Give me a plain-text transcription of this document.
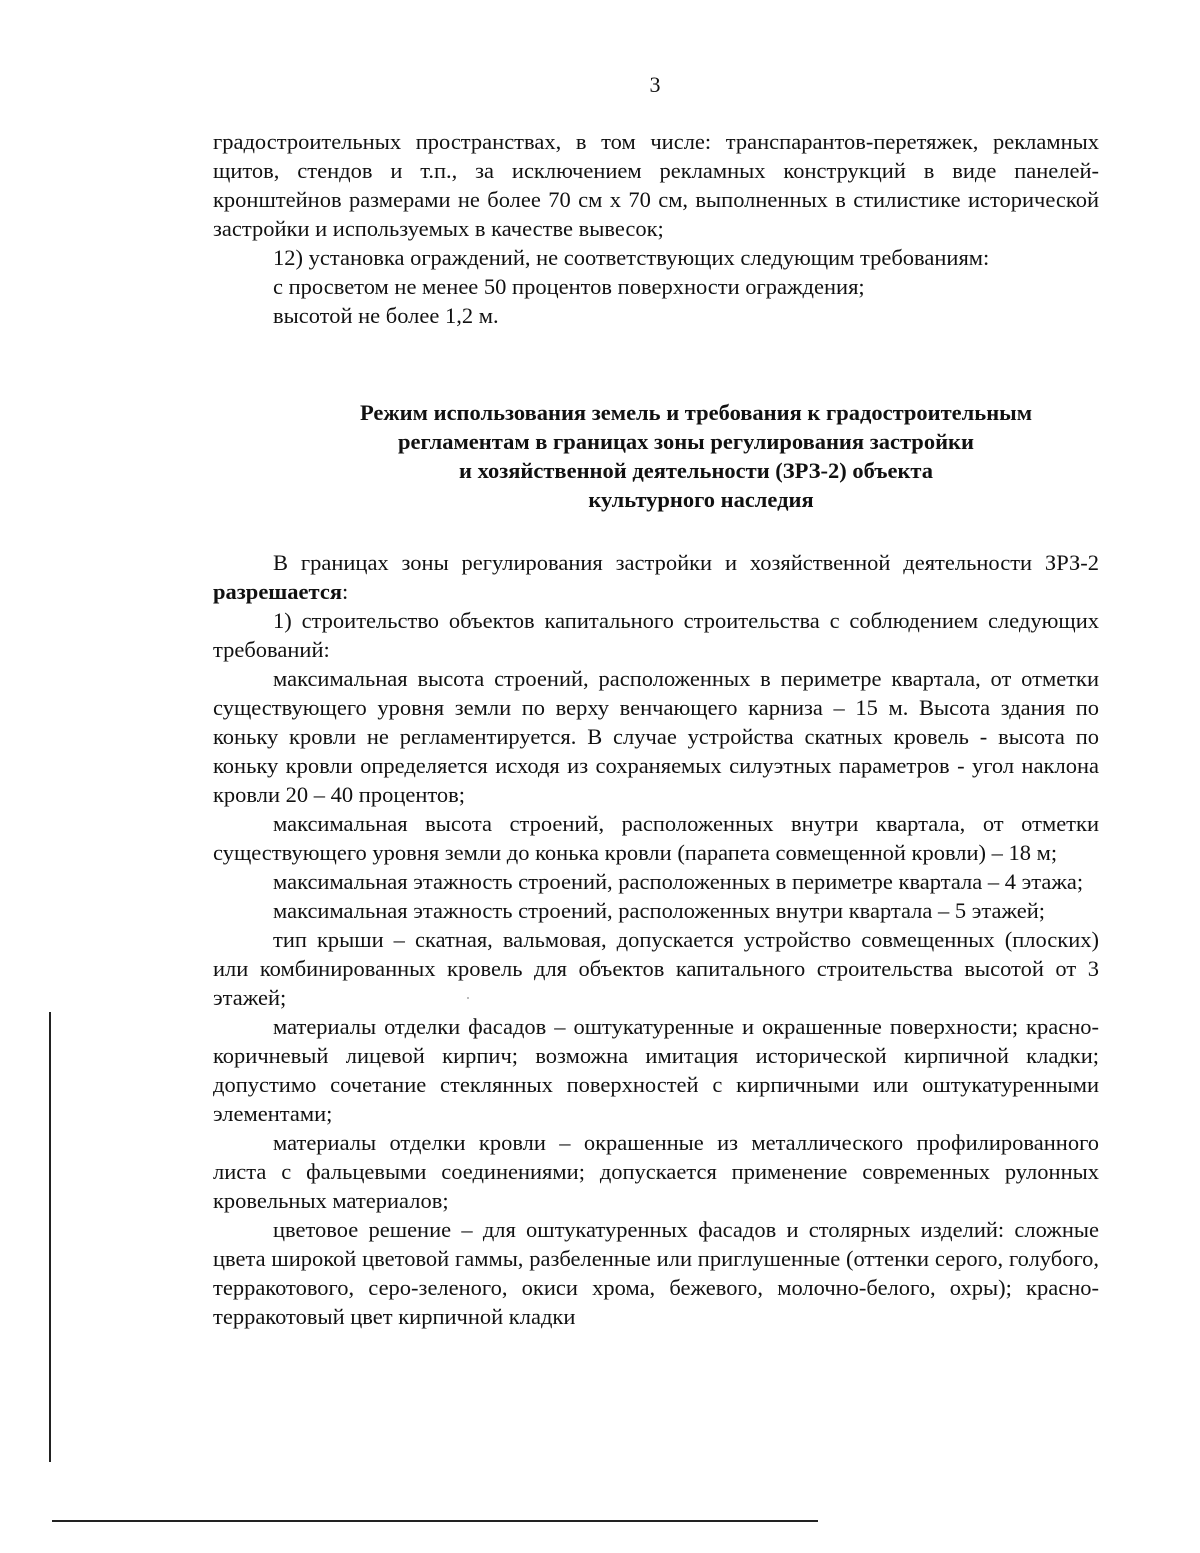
3

градостроительных пространствах, в том числе: транспарантов-перетяжек, рекламных щитов, стендов и т.п., за исключением рекламных конструкций в виде панелей-кронштейнов размерами не более 70 см х 70 см, выполненных в стилистике исторической застройки и используемых в качестве вывесок;

12) установка ограждений, не соответствующих следующим требованиям:

с просветом не менее 50 процентов поверхности ограждения;

высотой не более 1,2 м.

Режим использования земель и требования к градостроительным
регламентам в границах зоны регулирования застройки
и хозяйственной деятельности (ЗРЗ-2) объекта
культурного наследия

В границах зоны регулирования застройки и хозяйственной деятельности ЗРЗ-2 разрешается:

1) строительство объектов капитального строительства с соблюдением следующих требований:

максимальная высота строений, расположенных в периметре квартала, от отметки существующего уровня земли по верху венчающего карниза – 15 м. Высота здания по коньку кровли не регламентируется. В случае устройства скатных кровель - высота по коньку кровли определяется исходя из сохраняемых силуэтных параметров - угол наклона кровли 20 – 40 процентов;

максимальная высота строений, расположенных внутри квартала, от отметки существующего уровня земли до конька кровли (парапета совмещенной кровли) – 18 м;

максимальная этажность строений, расположенных в периметре квартала – 4 этажа;

максимальная этажность строений, расположенных внутри квартала – 5 этажей;

тип крыши – скатная, вальмовая, допускается устройство совмещенных (плоских) или комбинированных кровель для объектов капитального строительства высотой от 3 этажей;

материалы отделки фасадов – оштукатуренные и окрашенные поверхности; красно-коричневый лицевой кирпич; возможна имитация исторической кирпичной кладки; допустимо сочетание стеклянных поверхностей с кирпичными или оштукатуренными элементами;

материалы отделки кровли – окрашенные из металлического профилированного листа с фальцевыми соединениями; допускается применение современных рулонных кровельных материалов;

цветовое решение – для оштукатуренных фасадов и столярных изделий: сложные цвета широкой цветовой гаммы, разбеленные или приглушенные (оттенки серого, голубого, терракотового, серо-зеленого, окиси хрома, бежевого, молочно-белого, охры); красно-терракотовый цвет кирпичной кладки
